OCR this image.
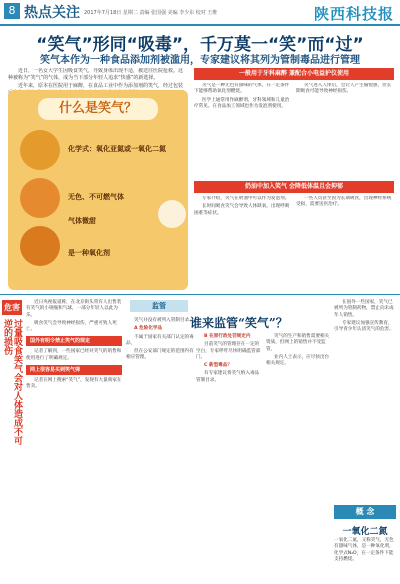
8 热点关注 2017年7月18日 星期二 责编 张国强 美编 李少东 校对 王维	陕西科技报
“笑气”形同“吸毒”，千万莫一“笑”而“过”
笑气本作为一种食品添加剂被滥用，专家建议将其列为管制毒品进行管理

近日，一名女大学生因吸食笑气，导致身体出现不适，被送往医院抢救。这种被称为“笑气”的气体，成为当下部分年轻人追求“快感”的新选择。

近年来，原本在医院用于麻醉，在食品工业中作为添加剂的笑气，经过包装

什么是笑气？
化学式：氧化亚氮或一氧化二氮
无色、不可燃气体
气体微甜
是一种氧化剂
一般用于牙科麻醉 兼配合小电益护仪使用

笑气是一种无色有甜味的气体，在一定条件下能够帮助氧化剂燃烧。

医学上通常用作麻醉剂，牙科领域和儿童治疗常见。在食品加工领域也作为发泡剂使用。

笑气进入人体后，会让人产生愉悦感，但长期吸食可能导致神经损伤。

奶油中加入笑气 会降低体温且会抑郁

专家介绍，笑气在奶油中可以作为发泡剂。

长时间吸食笑气会导致人体缺氧，出现呼吸困难等症状。

一些人员甚至因为长期吸食，出现神经系统受损，需要送医治疗。

危害
过量吸食笑气会对人体造成不可逆的损伤

近日央视报道称，在北京街头常有人出售装有笑气的小钢瓶和气球，一部分年轻人以此为乐。

吸食笑气会导致神经损伤，严重可致人死亡。

国外有明令禁止笑气的规定

记者了解到，一些国家已经对笑气的销售和使用进行了明确规定。

网上很容易买到笑气弹

记者在网上搜索“笑气”，发现有大量商家在售卖。

监管
谁来监管“笑气”？

笑气并没有被列入管制目录。

A 危险化学品

不属于国家有关部门认定的毒品，

但在公安部门规定的范围内有相应管理。

B 在原行政处罚规定内

目前笑气的管理存在一定的空白，专家呼吁尽快明确监管部门。

C 新型毒品？

有专家建议将笑气纳入毒品管制目录。

笑气的生产和销售需要相关资质，但网上的销售并不受监管。

业内人士表示，应尽快出台相关规定。

在国外一些国家，笑气已被列为管制药物，禁止向未成年人销售。

专家建议加强宣传教育，引导青少年认清笑气的危害。

概 念
一氧化二氮
一氧化二氮，又称笑气，无色有甜味气体，是一种氧化剂，化学式N₂O，在一定条件下能支持燃烧。
